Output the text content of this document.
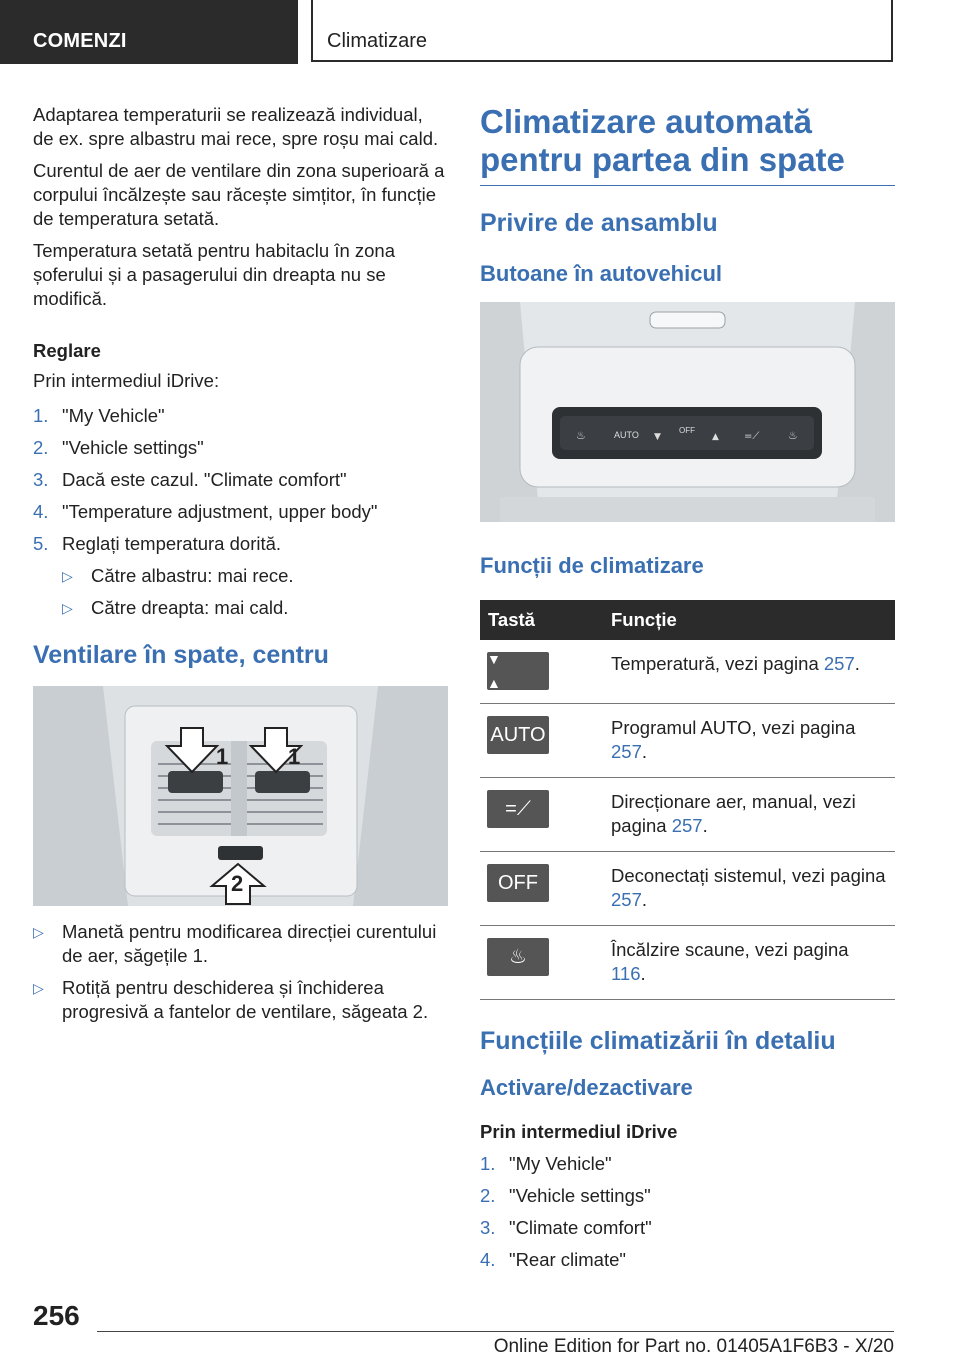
COMENZI	Climatizare

Adaptarea temperaturii se realizează individual, de ex. spre albastru mai rece, spre roșu mai cald.

Curentul de aer de ventilare din zona superioară a corpului încălzește sau răcește simțitor, în funcție de temperatura setată.

Temperatura setată pentru habitaclu în zona șoferului și a pasagerului din dreapta nu se modifică.

Reglare

Prin intermediul iDrive:

1. "My Vehicle"
2. "Vehicle settings"
3. Dacă este cazul. "Climate comfort"
4. "Temperature adjustment, upper body"
5. Reglați temperatura dorită.
▷ Către albastru: mai rece.
▷ Către dreapta: mai cald.
Ventilare în spate, centru
1	1
2
▷ Manetă pentru modificarea direcției curentului de aer, săgețile 1.
▷ Rotiță pentru deschiderea și închiderea progresivă a fantelor de ventilare, săgeata 2.
Climatizare automată pentru partea din spate
Privire de ansamblu
Butoane în autovehicul
AUTO	OFF
♨	▼	▲	=⟋	♨
Funcții de climatizare
Tastă	Funcție

▼ ▲	Temperatură, vezi pagina 257.

AUTO	Programul AUTO, vezi pagina 257.

=⟋	Direcționare aer, manual, vezi pagina 257.

OFF	Deconectați sistemul, vezi pagina 257.

♨	Încălzire scaune, vezi pagina 116.
Funcțiile climatizării în detaliu
Activare/dezactivare

Prin intermediul iDrive

1. "My Vehicle"
2. "Vehicle settings"
3. "Climate comfort"
4. "Rear climate"
256
Online Edition for Part no. 01405A1F6B3 - X/20
